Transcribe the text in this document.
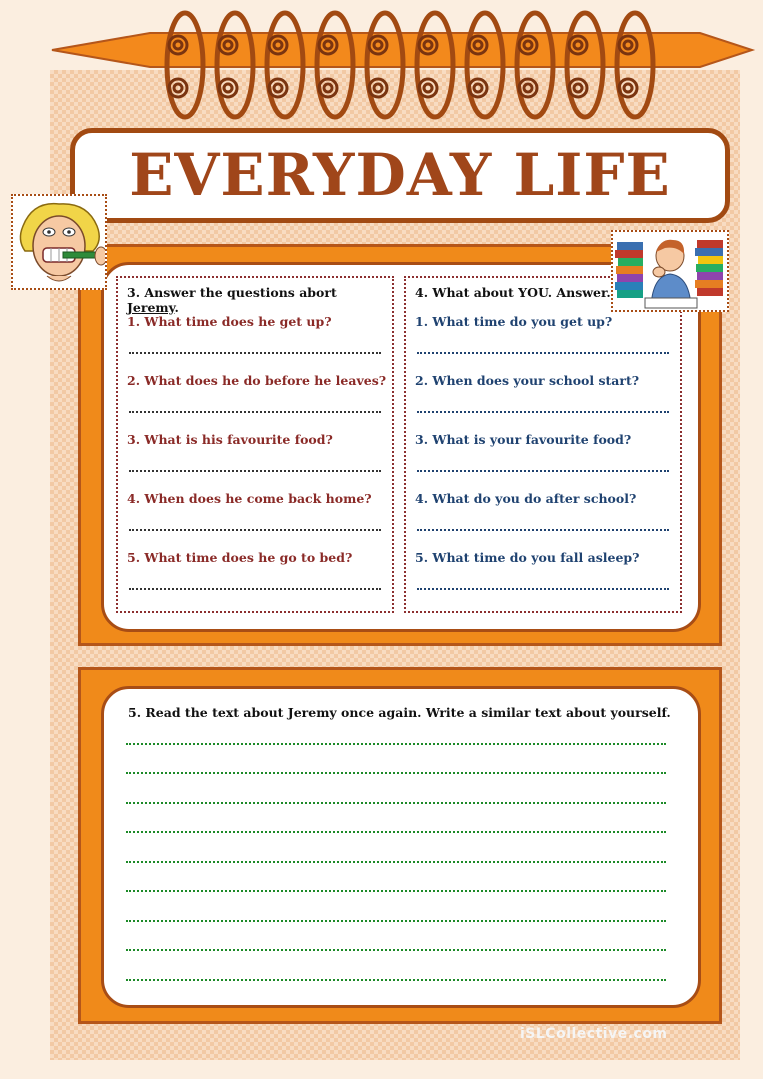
EVERYDAY LIFE
3. Answer the questions abort Jeremy.
1. What time does he get up?
2. What does he do before he leaves?
3. What is his favourite food?
4. When does he come back home?
5. What time does he go to bed?
4. What about YOU. Answer.
1. What time do you get up?
2. When does your school start?
3. What is your favourite food?
4. What do you do after school?
5. What time do you fall asleep?
5. Read the text about Jeremy once again. Write a similar text about yourself.
iSLCollective.com
